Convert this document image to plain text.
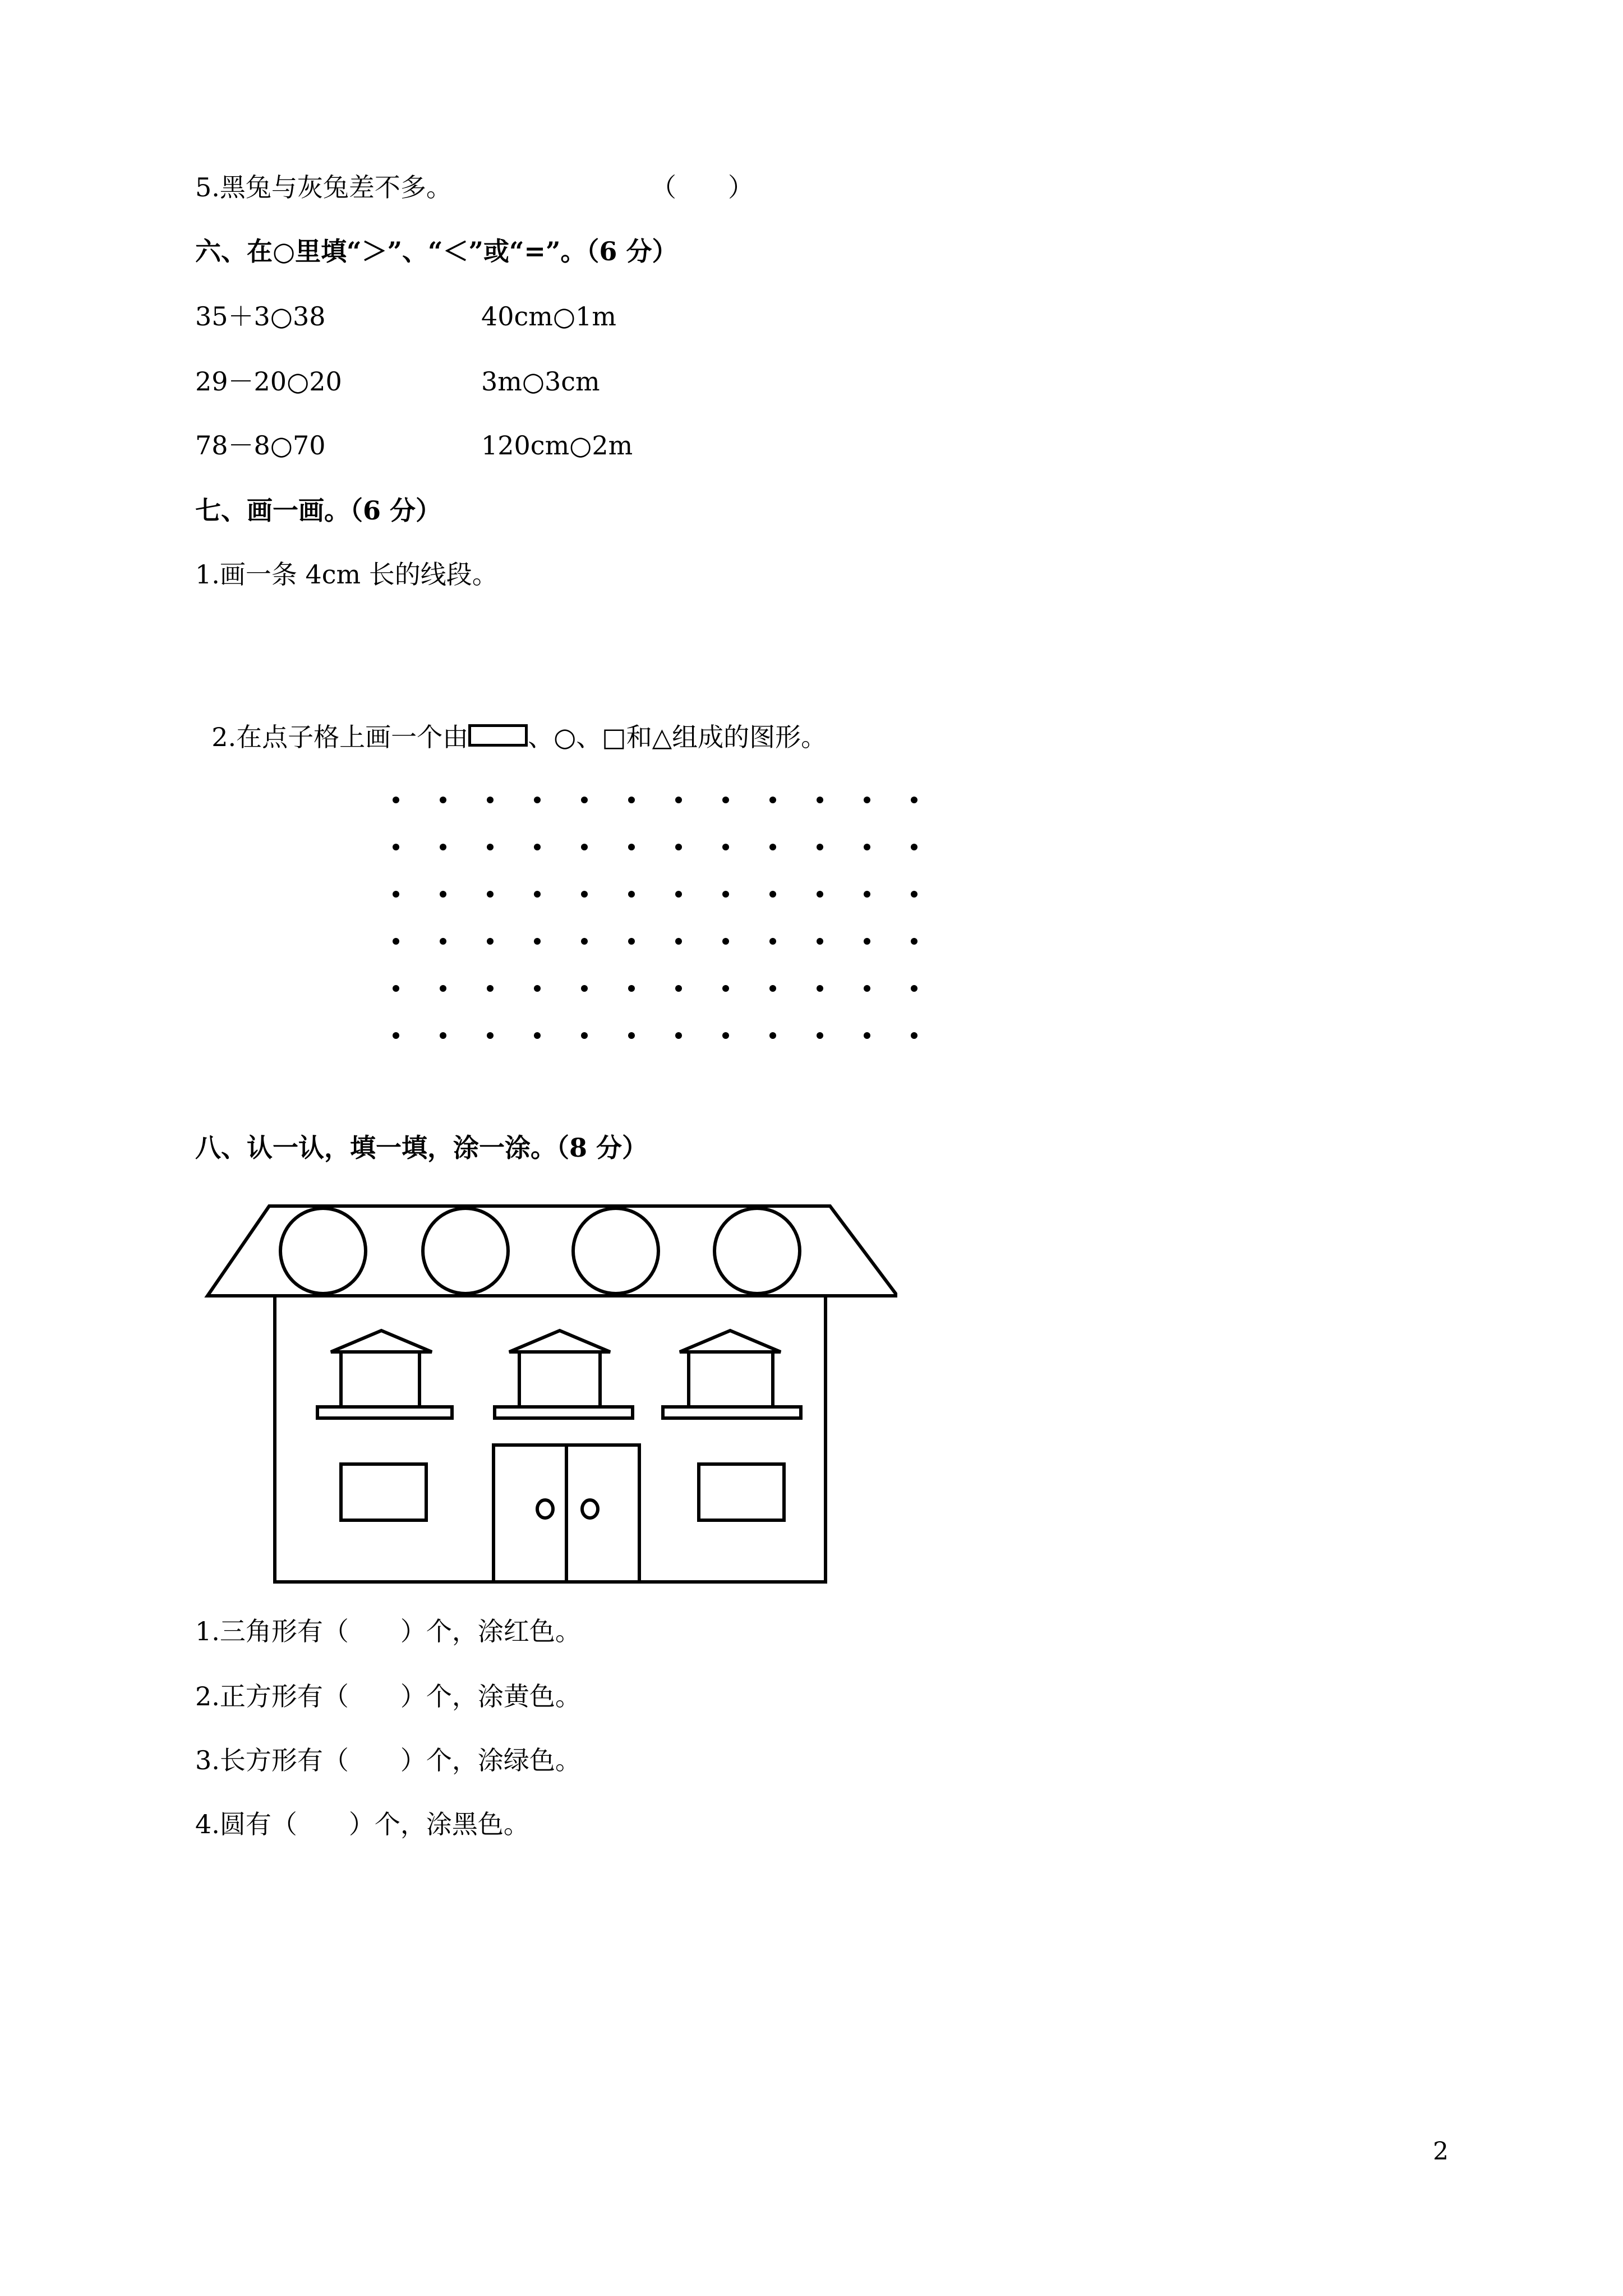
5.黑兔与灰兔差不多。	（　　）
六、在○里填“＞”、“＜”或“=”。（6 分）
35＋3○38	40cm○1m
29－20○20	3m○3cm
78－8○70	120cm○2m
七、画一画。（6 分）
1.画一条 4cm 长的线段。

2.在点子格上画一个由 、○、□和△组成的图形。

八、认一认，填一填，涂一涂。（8 分）
1.三角形有（　　）个，涂红色。
2.正方形有（　　）个，涂黄色。
3.长方形有（　　）个，涂绿色。
4.圆有（　　）个，涂黑色。
2
